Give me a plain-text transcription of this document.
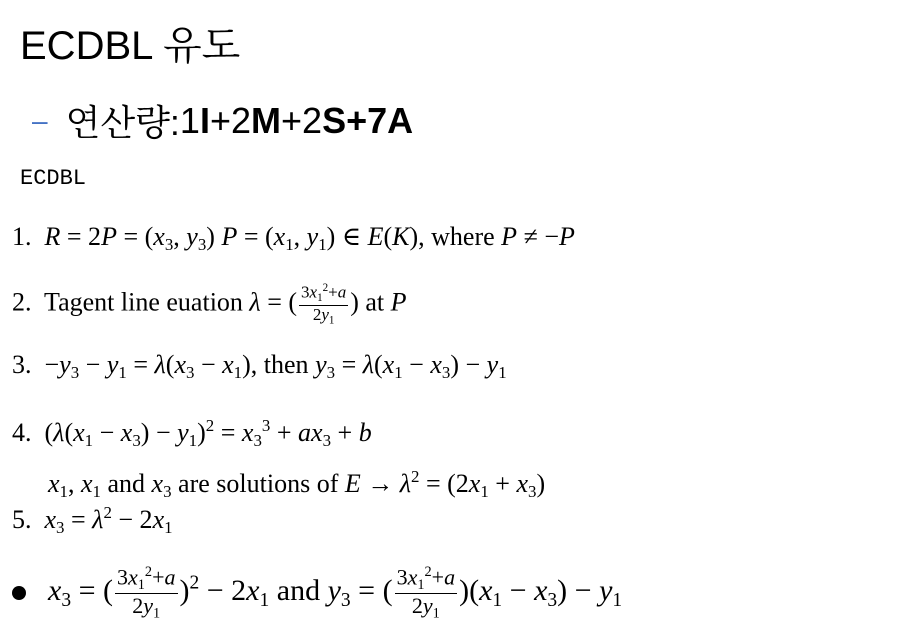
ECDBL 유도
– 연산량: 1I+2M+2S+7A
ECDBL
1. $R = 2P = (x_3$, $y_3$) $P = (x_1$, $y_1$) ∈ E(K), where P ≠ −P
2. Tagent line euation λ = ( $\frac{3x_1^2+a}{2y_1}$ ) at P
3.  $-y_3 - y_1 = \lambda(x_3 - x_1)$, then $y_3 = \lambda(x_1 - x_3) - y_1$
4.  $(\lambda(x_1 - x_3) - y_1)^2 = x_3^3 + ax_3 + b$
$x_1$, $x_1$ and $x_3$ are solutions of $E \to \lambda^2 = (2x_1 + x_3)$
5. $x_3 = \lambda^2 - 2x_1$
$x_3$ = ( $\frac{3x_1^2+a}{2y_1} )^2 - 2x_1$ and $y_3$ = ( $\frac{3x_1^2+a}{2y_1} )(x_1 - x_3) - y_1$
